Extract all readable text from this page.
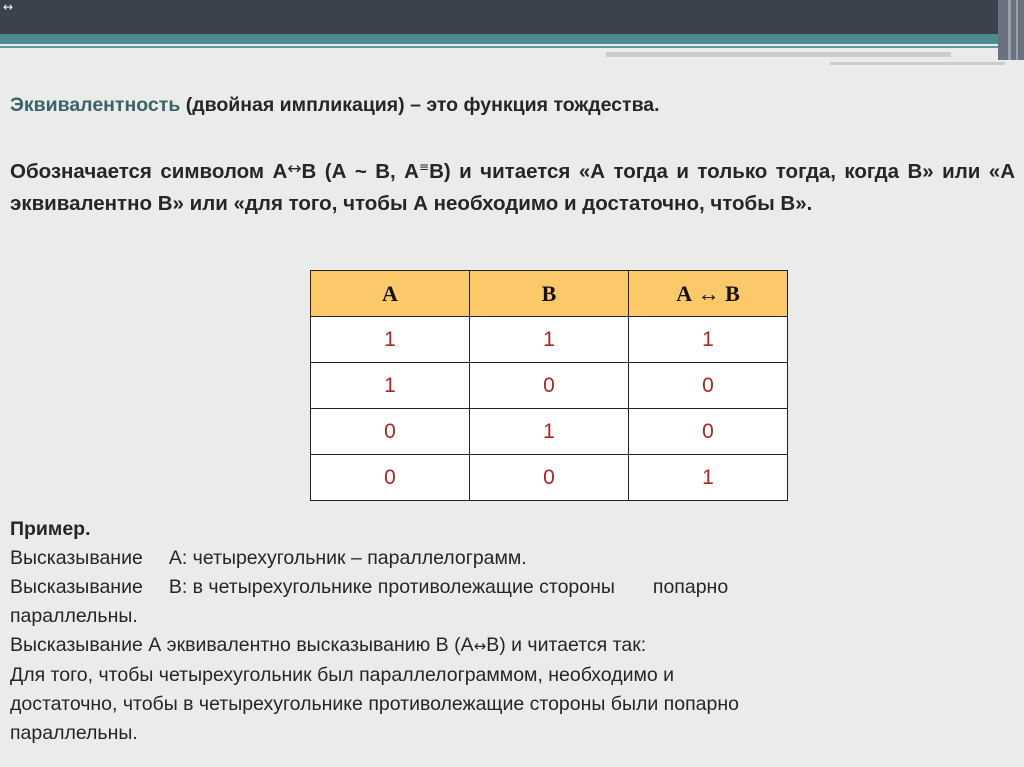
↔

Эквивалентность (двойная импликация) – это функция тождества.

Обозначается символом А↔В (А ~ В, А≡В) и читается «А тогда и только тогда, когда В» или «А эквивалентно В» или «для того, чтобы А необходимо и достаточно, чтобы В».

А	В	А ↔ В
1	1	1
1	0	0
0	1	0
0	0	1
Пример.
Высказывание А: четырехугольник – параллелограмм.
Высказывание В: в четырехугольнике противолежащие стороны попарно
параллельны.
Высказывание А эквивалентно высказыванию В (А↔В) и читается так:
Для того, чтобы четырехугольник был параллелограммом, необходимо и
достаточно, чтобы в четырехугольнике противолежащие стороны были попарно
параллельны.
